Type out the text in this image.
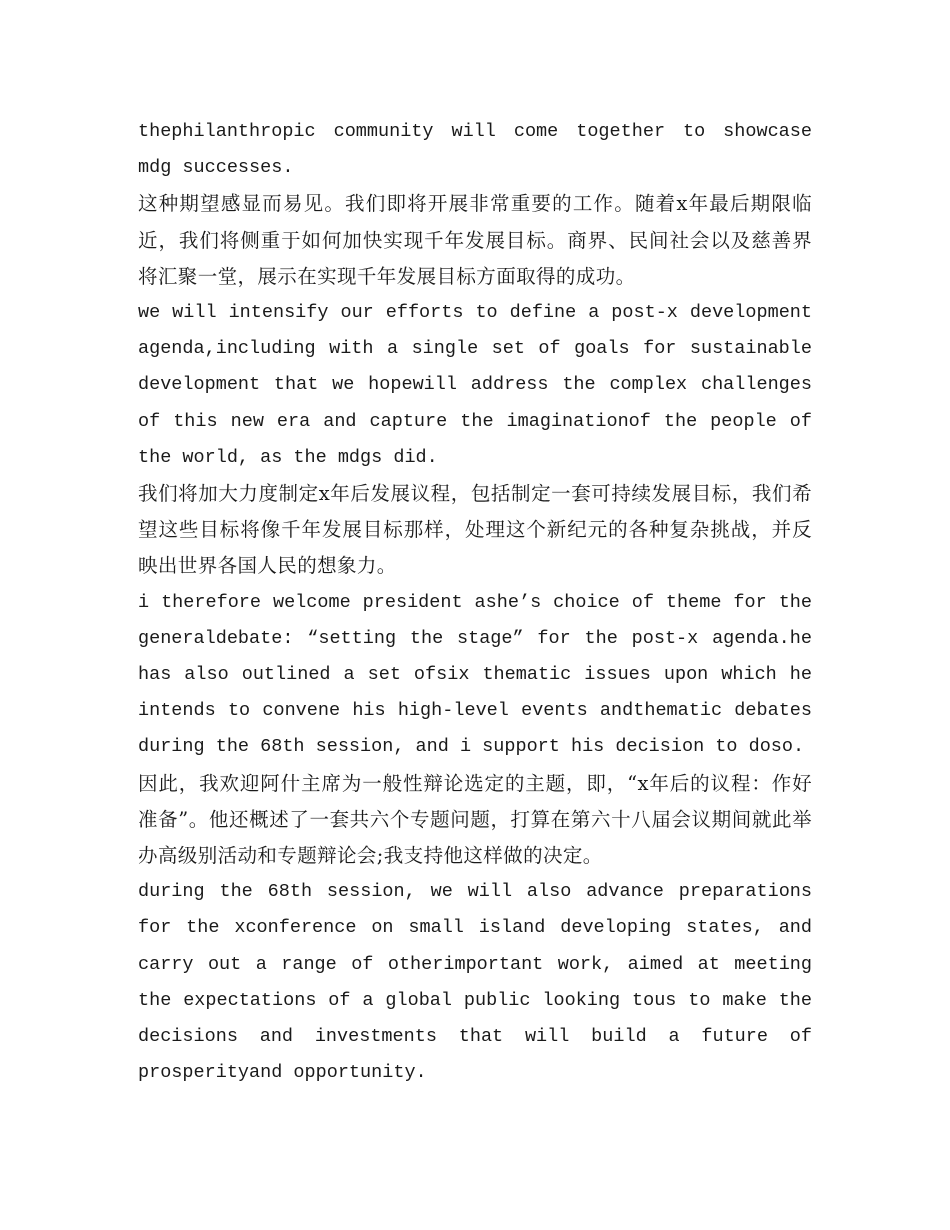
thephilanthropic community will come together to showcase mdg successes.

这种期望感显而易见。我们即将开展非常重要的工作。随着x年最后期限临近，我们将侧重于如何加快实现千年发展目标。商界、民间社会以及慈善界将汇聚一堂，展示在实现千年发展目标方面取得的成功。

we will intensify our efforts to define a post-x development agenda,including with a single set of goals for sustainable development that we hopewill address the complex challenges of this new era and capture the imaginationof the people of the world, as the mdgs did.

我们将加大力度制定x年后发展议程，包括制定一套可持续发展目标，我们希望这些目标将像千年发展目标那样，处理这个新纪元的各种复杂挑战，并反映出世界各国人民的想象力。

i therefore welcome president ashe’s choice of theme for the generaldebate: “setting the stage” for the post-x agenda.he has also outlined a set ofsix thematic issues upon which he intends to convene his high-level events andthematic debates during the 68th session, and i support his decision to doso.

因此，我欢迎阿什主席为一般性辩论选定的主题，即，“x年后的议程：作好准备”。他还概述了一套共六个专题问题，打算在第六十八届会议期间就此举办高级别活动和专题辩论会;我支持他这样做的决定。

during the 68th session, we will also advance preparations for the xconference on small island developing states, and carry out a range of otherimportant work, aimed at meeting the expectations of a global public looking tous to make the decisions and investments that will build a future of prosperityand opportunity.
